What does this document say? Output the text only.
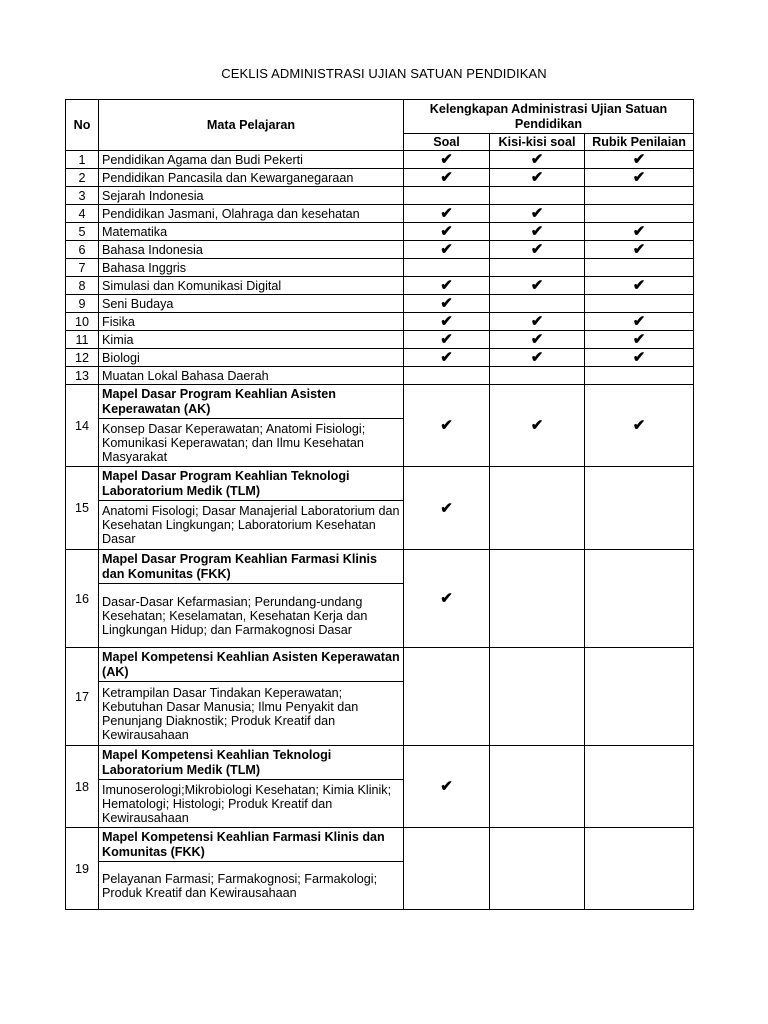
CEKLIS ADMINISTRASI UJIAN SATUAN PENDIDIKAN
No	Mata Pelajaran	Kelengkapan Administrasi Ujian Satuan Pendidikan		
		Soal	Kisi-kisi soal	Rubik Penilaian
1	Pendidikan Agama dan Budi Pekerti	✔	✔	✔
2	Pendidikan Pancasila dan Kewarganegaraan	✔	✔	✔
3	Sejarah Indonesia			
4	Pendidikan Jasmani, Olahraga dan kesehatan	✔	✔	
5	Matematika	✔	✔	✔
6	Bahasa Indonesia	✔	✔	✔
7	Bahasa Inggris			
8	Simulasi dan Komunikasi Digital	✔	✔	✔
9	Seni Budaya	✔		
10	Fisika	✔	✔	✔
11	Kimia	✔	✔	✔
12	Biologi	✔	✔	✔
13	Muatan Lokal Bahasa Daerah			
14	Mapel Dasar Program Keahlian Asisten Keperawatan (AK)	✔	✔	✔
	Konsep Dasar Keperawatan; Anatomi Fisiologi; Komunikasi Keperawatan; dan Ilmu Kesehatan Masyarakat			
15	Mapel Dasar Program Keahlian Teknologi Laboratorium Medik (TLM)	✔		
	Anatomi Fisologi; Dasar Manajerial Laboratorium dan Kesehatan Lingkungan; Laboratorium Kesehatan Dasar			
16	Mapel Dasar Program Keahlian Farmasi Klinis dan Komunitas (FKK)	✔		
	Dasar-Dasar Kefarmasian; Perundang-undang Kesehatan; Keselamatan, Kesehatan Kerja dan Lingkungan Hidup; dan Farmakognosi Dasar			
17	Mapel Kompetensi Keahlian Asisten Keperawatan (AK)			
	Ketrampilan Dasar Tindakan Keperawatan; Kebutuhan Dasar Manusia; Ilmu Penyakit dan Penunjang Diaknostik; Produk Kreatif dan Kewirausahaan			
18	Mapel Kompetensi Keahlian Teknologi Laboratorium Medik (TLM)	✔		
	Imunoserologi;Mikrobiologi Kesehatan; Kimia Klinik; Hematologi; Histologi; Produk Kreatif dan Kewirausahaan			
19	Mapel Kompetensi Keahlian Farmasi Klinis dan Komunitas (FKK)			
	Pelayanan Farmasi; Farmakognosi; Farmakologi; Produk Kreatif dan Kewirausahaan			
